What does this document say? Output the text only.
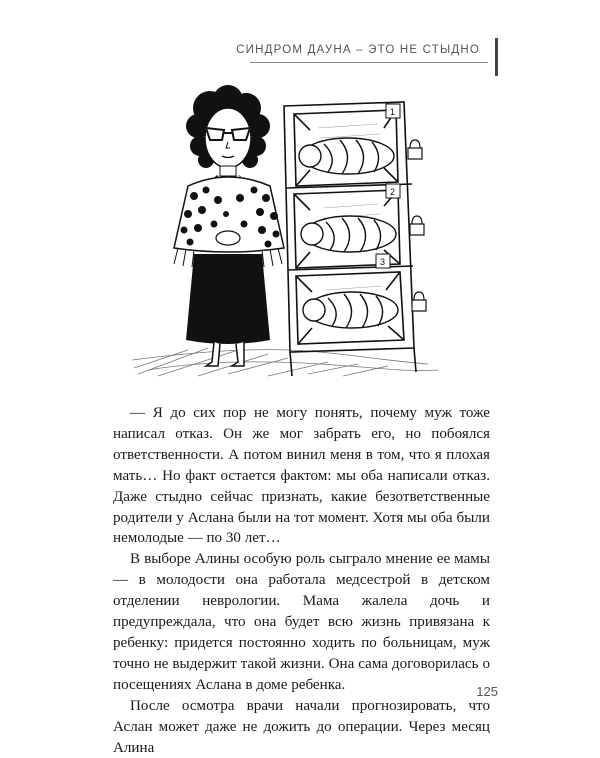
СИНДРОМ ДАУНА – ЭТО НЕ СТЫДНО
1
2
3

— Я до сих пор не могу понять, почему муж тоже написал отказ. Он же мог забрать его, но побоялся ответственности. А потом винил меня в том, что я плохая мать… Но факт остается фактом: мы оба написали отказ. Даже стыдно сейчас признать, какие безответственные родители у Аслана были на тот момент. Хотя мы оба были немолодые — по 30 лет…

В выборе Алины особую роль сыграло мнение ее мамы — в молодости она работала медсестрой в детском отделении неврологии. Мама жалела дочь и предупреждала, что она будет всю жизнь привязана к ребенку: придется постоянно ходить по больницам, муж точно не выдержит такой жизни. Она сама договорилась о посещениях Аслана в доме ребенка.

После осмотра врачи начали прогнозировать, что Аслан может даже не дожить до операции. Через месяц Алина

125
